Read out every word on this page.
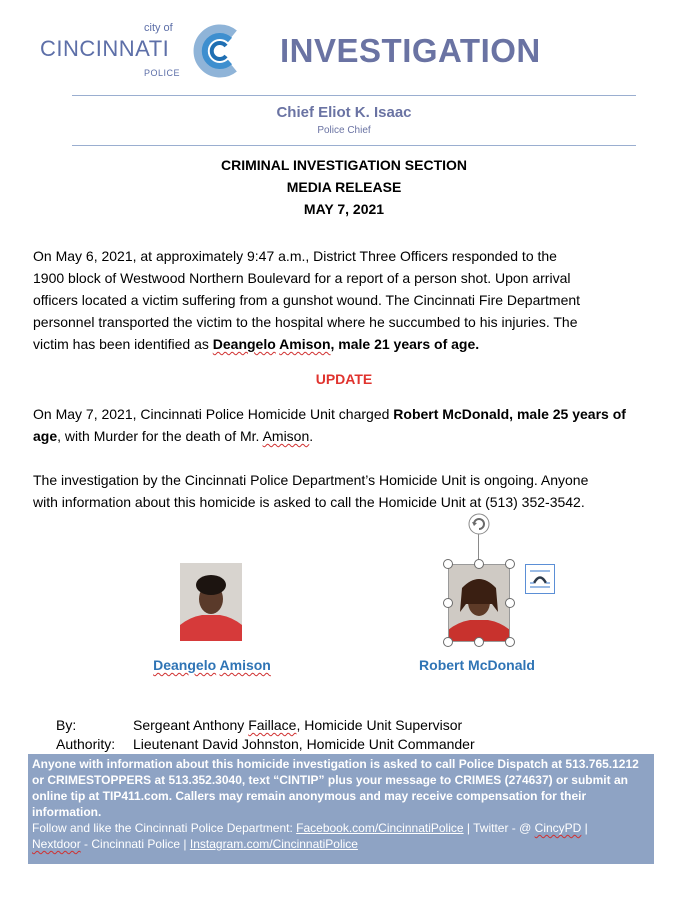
city of
CINCINNATI
POLICE
INVESTIGATION
Chief Eliot K. Isaac
Police Chief
CRIMINAL INVESTIGATION SECTION
MEDIA RELEASE
MAY 7, 2021
On May 6, 2021, at approximately 9:47 a.m., District Three Officers responded to the
1900 block of Westwood Northern Boulevard for a report of a person shot. Upon arrival
officers located a victim suffering from a gunshot wound. The Cincinnati Fire Department
personnel transported the victim to the hospital where he succumbed to his injuries. The
victim has been identified as Deangelo Amison, male 21 years of age.
UPDATE
On May 7, 2021, Cincinnati Police Homicide Unit charged Robert McDonald, male 25 years of
age, with Murder for the death of Mr. Amison.
The investigation by the Cincinnati Police Department’s Homicide Unit is ongoing. Anyone
with information about this homicide is asked to call the Homicide Unit at (513) 352-3542.
Deangelo Amison	Robert McDonald
By:	Sergeant Anthony Faillace, Homicide Unit Supervisor
Authority: Lieutenant David Johnston, Homicide Unit Commander
Anyone with information about this homicide investigation is asked to call Police Dispatch at 513.765.1212
or CRIMESTOPPERS at 513.352.3040, text “CINTIP” plus your message to CRIMES (274637) or submit an
online tip at TIP411.com. Callers may remain anonymous and may receive compensation for their
information.
Follow and like the Cincinnati Police Department: Facebook.com/CincinnatiPolice | Twitter - @ CincyPD |
Nextdoor - Cincinnati Police | Instagram.com/CincinnatiPolice
